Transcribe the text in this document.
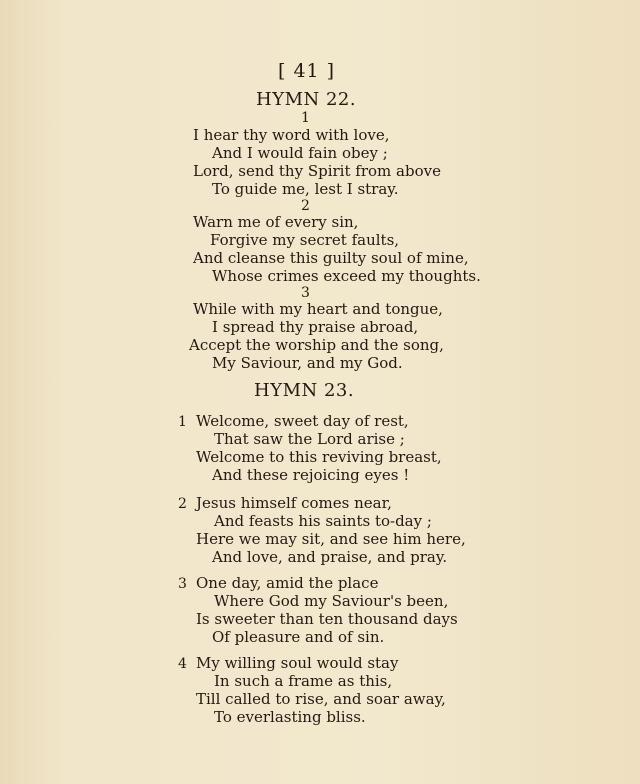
[ 41 ]
HYMN 22.
1
I hear thy word with love,
And I would fain obey ;
Lord, send thy Spirit from above
To guide me, lest I stray.
2
Warn me of every sin,
Forgive my secret faults,
And cleanse this guilty soul of mine,
Whose crimes exceed my thoughts.
3
While with my heart and tongue,
I spread thy praise abroad,
Accept the worship and the song,
My Saviour, and my God.
HYMN 23.
1 Welcome, sweet day of rest,
That saw the Lord arise ;
Welcome to this reviving breast,
And these rejoicing eyes !
2 Jesus himself comes near,
And feasts his saints to-day ;
Here we may sit, and see him here,
And love, and praise, and pray.
3 One day, amid the place
Where God my Saviour's been,
Is sweeter than ten thousand days
Of pleasure and of sin.
4 My willing soul would stay
In such a frame as this,
Till called to rise, and soar away,
To everlasting bliss.
